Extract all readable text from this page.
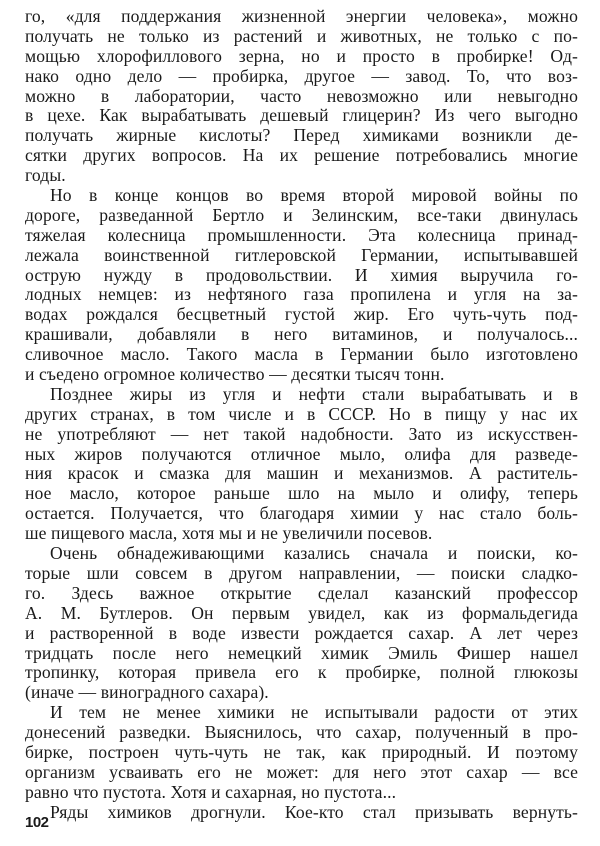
го, «для поддержания жизненной энергии человека», можно
получать не только из растений и животных, не только с по-
мощью хлорофиллового зерна, но и просто в пробирке! Од-
нако одно дело — пробирка, другое — завод. То, что воз-
можно в лаборатории, часто невозможно или невыгодно
в цехе. Как вырабатывать дешевый глицерин? Из чего выгодно
получать жирные кислоты? Перед химиками возникли де-
сятки других вопросов. На их решение потребовались многие
годы.
Но в конце концов во время второй мировой войны по
дороге, разведанной Бертло и Зелинским, все-таки двинулась
тяжелая колесница промышленности. Эта колесница принад-
лежала воинственной гитлеровской Германии, испытывавшей
острую нужду в продовольствии. И химия выручила го-
лодных немцев: из нефтяного газа пропилена и угля на за-
водах рождался бесцветный густой жир. Его чуть-чуть под-
крашивали, добавляли в него витаминов, и получалось...
сливочное масло. Такого масла в Германии было изготовлено
и съедено огромное количество — десятки тысяч тонн.
Позднее жиры из угля и нефти стали вырабатывать и в
других странах, в том числе и в СССР. Но в пищу у нас их
не употребляют — нет такой надобности. Зато из искусствен-
ных жиров получаются отличное мыло, олифа для разведе-
ния красок и смазка для машин и механизмов. А раститель-
ное масло, которое раньше шло на мыло и олифу, теперь
остается. Получается, что благодаря химии у нас стало боль-
ше пищевого масла, хотя мы и не увеличили посевов.
Очень обнадеживающими казались сначала и поиски, ко-
торые шли совсем в другом направлении, — поиски сладко-
го. Здесь важное открытие сделал казанский профессор
А. М. Бутлеров. Он первым увидел, как из формальдегида
и растворенной в воде извести рождается сахар. А лет через
тридцать после него немецкий химик Эмиль Фишер нашел
тропинку, которая привела его к пробирке, полной глюкозы
(иначе — виноградного сахара).
И тем не менее химики не испытывали радости от этих
донесений разведки. Выяснилось, что сахар, полученный в про-
бирке, построен чуть-чуть не так, как природный. И поэтому
организм усваивать его не может: для него этот сахар — все
равно что пустота. Хотя и сахарная, но пустота...
Ряды химиков дрогнули. Кое-кто стал призывать вернуть-
102
